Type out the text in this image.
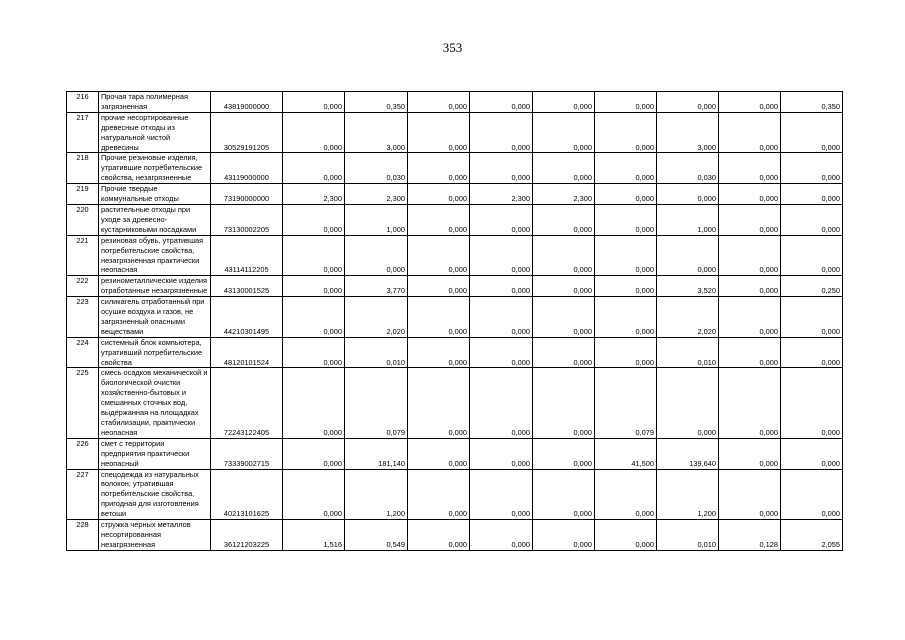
353
216	Прочая тара полимерная загрязненная	43819000000	0,000	0,350	0,000	0,000	0,000	0,000	0,000	0,000	0,350
217	прочие несортированные древесные отходы из натуральной чистой древесины	30529191205	0,000	3,000	0,000	0,000	0,000	0,000	3,000	0,000	0,000
218	Прочие резиновые изделия, утратившие потребительские свойства, незагрязненные	43119000000	0,000	0,030	0,000	0,000	0,000	0,000	0,030	0,000	0,000
219	Прочие твердые коммунальные отходы	73190000000	2,300	2,300	0,000	2,300	2,300	0,000	0,000	0,000	0,000
220	растительные отходы при уходе за древесно-кустарниковыми посадками	73130002205	0,000	1,000	0,000	0,000	0,000	0,000	1,000	0,000	0,000
221	резиновая обувь, утратившая потребительские свойства, незагрязненная практически неопасная	43114112205	0,000	0,000	0,000	0,000	0,000	0,000	0,000	0,000	0,000
222	резинометаллические изделия отработанные незагрязненные	43130001525	0,000	3,770	0,000	0,000	0,000	0,000	3,520	0,000	0,250
223	силикагель отработанный при осушке воздуха и газов, не загрязненный опасными веществами	44210301495	0,000	2,020	0,000	0,000	0,000	0,000	2,020	0,000	0,000
224	системный блок компьютера, утративший потребительские свойства	48120101524	0,000	0,010	0,000	0,000	0,000	0,000	0,010	0,000	0,000
225	смесь осадков механической и биологической очистки хозяйственно-бытовых и смешанных сточных вод, выдержанная на площадках стабилизации, практически неопасная	72243122405	0,000	0,079	0,000	0,000	0,000	0,079	0,000	0,000	0,000
226	смет с территории предприятия практически неопасный	73339002715	0,000	181,140	0,000	0,000	0,000	41,500	139,640	0,000	0,000
227	спецодежда из натуральных волокон, утратившая потребительские свойства, пригодная для изготовления ветоши	40213101625	0,000	1,200	0,000	0,000	0,000	0,000	1,200	0,000	0,000
228	стружка черных металлов несортированная незагрязненная	36121203225	1,516	0,549	0,000	0,000	0,000	0,000	0,010	0,128	2,055
